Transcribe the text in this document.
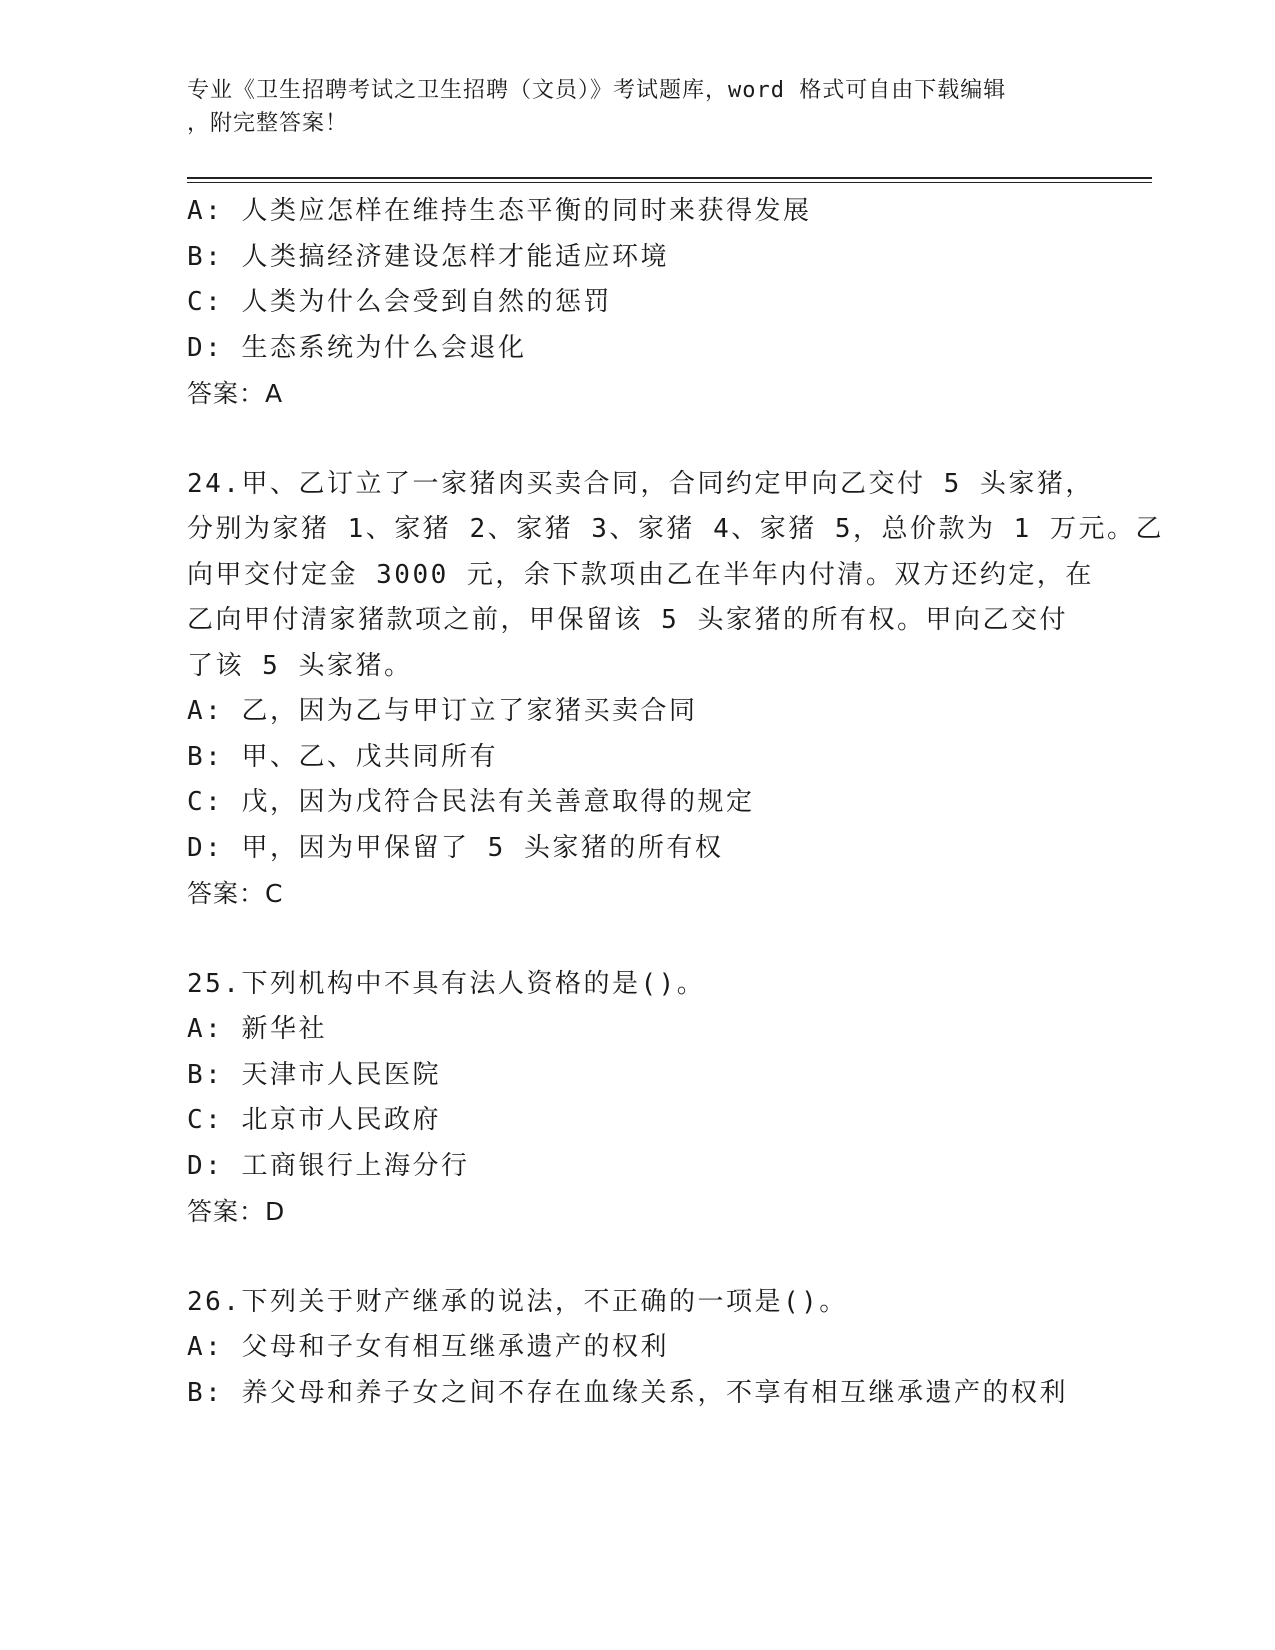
专业《卫生招聘考试之卫生招聘（文员）》考试题库，word 格式可自由下载编辑
，附完整答案！
A: 人类应怎样在维持生态平衡的同时来获得发展
B: 人类搞经济建设怎样才能适应环境
C: 人类为什么会受到自然的惩罚
D: 生态系统为什么会退化
答案：A
24.甲、乙订立了一家猪肉买卖合同，合同约定甲向乙交付 5 头家猪，
分别为家猪 1、家猪 2、家猪 3、家猪 4、家猪 5，总价款为 1 万元。乙
向甲交付定金 3000 元，余下款项由乙在半年内付清。双方还约定，在
乙向甲付清家猪款项之前，甲保留该 5 头家猪的所有权。甲向乙交付
了该 5 头家猪。
A: 乙，因为乙与甲订立了家猪买卖合同
B: 甲、乙、戊共同所有
C: 戊，因为戊符合民法有关善意取得的规定
D: 甲，因为甲保留了 5 头家猪的所有权
答案：C
25.下列机构中不具有法人资格的是()。
A: 新华社
B: 天津市人民医院
C: 北京市人民政府
D: 工商银行上海分行
答案：D
26.下列关于财产继承的说法，不正确的一项是()。
A: 父母和子女有相互继承遗产的权利
B: 养父母和养子女之间不存在血缘关系，不享有相互继承遗产的权利
